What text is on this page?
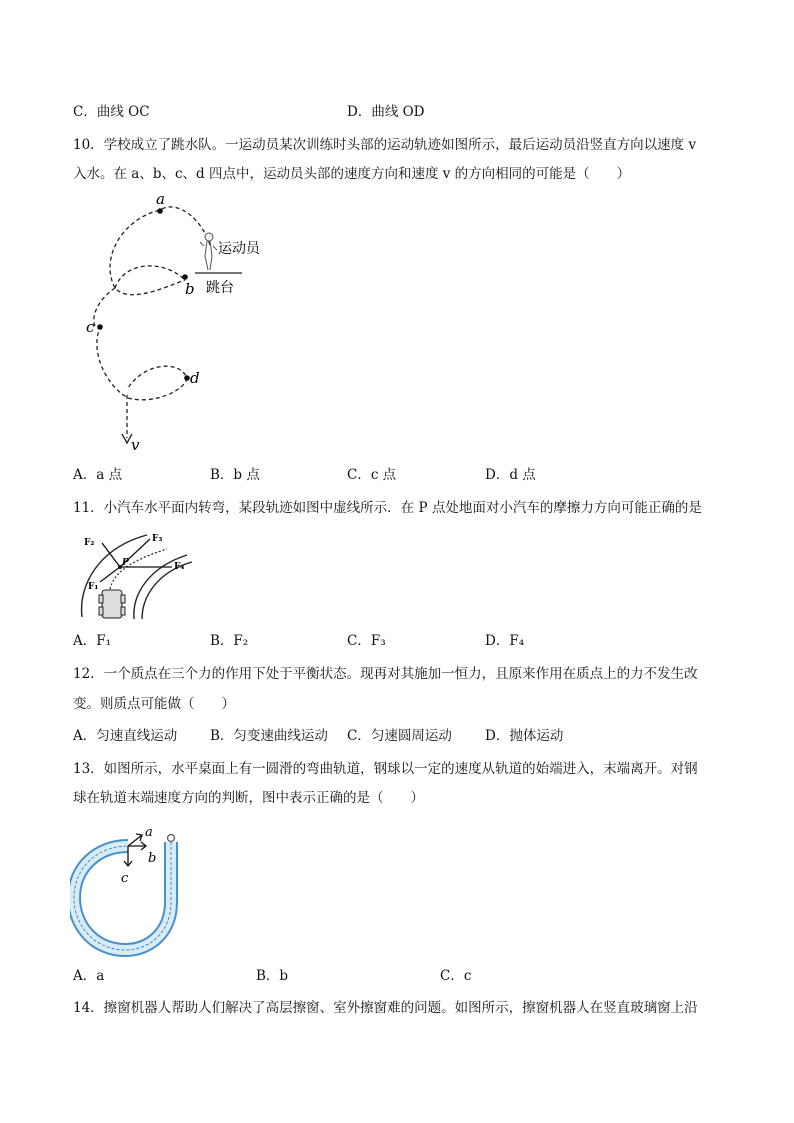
C．曲线 OC	D．曲线 OD
10．学校成立了跳水队。一运动员某次训练时头部的运动轨迹如图所示，最后运动员沿竖直方向以速度 v
入水。在 a、b、c、d 四点中，运动员头部的速度方向和速度 v 的方向相同的可能是（　　）
a
b
c
d
运动员
跳台
v
A．a 点	B．b 点	C．c 点	D．d 点
11．小汽车水平面内转弯，某段轨迹如图中虚线所示．在 P 点处地面对小汽车的摩擦力方向可能正确的是
F₂	F₃
F₄
F₁
P
A．F₁	B．F₂	C．F₃	D．F₄
12．一个质点在三个力的作用下处于平衡状态。现再对其施加一恒力，且原来作用在质点上的力不发生改
变。则质点可能做（　　）
A．匀速直线运动 B．匀变速曲线运动 C．匀速圆周运动 D．抛体运动
13．如图所示，水平桌面上有一圆滑的弯曲轨道，钢球以一定的速度从轨道的始端进入，末端离开。对钢
球在轨道末端速度方向的判断，图中表示正确的是（　　）
a
b
c
A．a	B．b	C．c
14．擦窗机器人帮助人们解决了高层擦窗、室外擦窗难的问题。如图所示，擦窗机器人在竖直玻璃窗上沿
